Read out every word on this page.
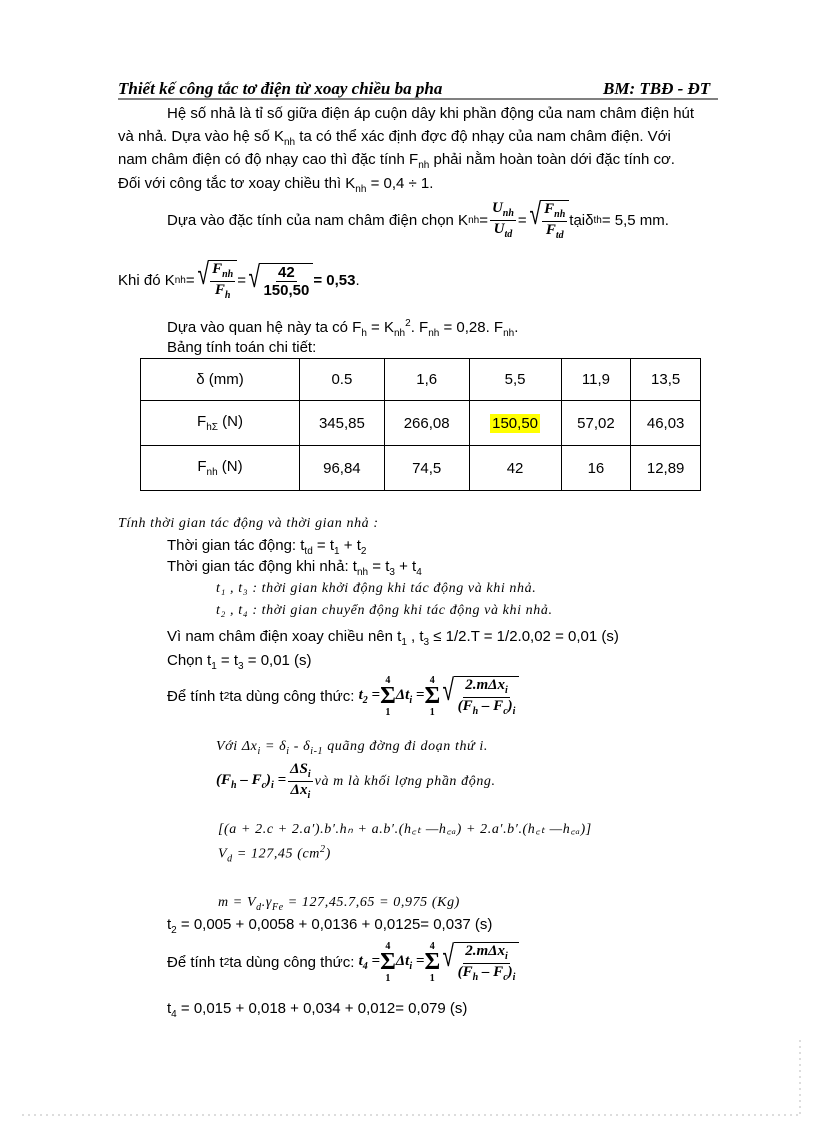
Thiết kế công tắc tơ điện từ xoay chiều ba pha	BM: TBĐ - ĐT
Hệ số nhả là tỉ số giữa điện áp cuộn dây khi phần động của nam châm điện hút
và nhả. Dựa vào hệ số $K_{nh}$ ta có thể xác định đợc độ nhạy của nam châm điện. Với
nam châm điện có độ nhạy cao thì đặc tính $F_{nh}$ phải nằm hoàn toàn dới đặc tính cơ.
Đối với công tắc tơ xoay chiều thì $K_{nh} = 0,4 \div 1$.
Dựa vào đặc tính của nam châm điện chọn K nh = $\frac{U_{nh}}{U_{td}}$ = √ $\frac{F_{nh}}{F_{td}}$ tại δ th = 5,5 mm.
Khi đó K nh = √ $\frac{F_{nh}}{F_h}$ = √ $\frac{42}{150,50} = 0,53$ .
Dựa vào quan hệ này ta có $F_h = K_{nh}^2$. $F_{nh} = 0,28$. $F_{nh}$.
Bảng tính toán chi tiết:
δ (mm)	0.5	1,6	5,5	11,9	13,5
$F_{h\Sigma}$ (N)	345,85	266,08	150,50	57,02	46,03
$F_{nh}$ (N)	96,84	74,5	42	16	12,89
Tính thời gian tác động và thời gian nhả :
Thời gian tác động: $t_{td} = t_1 + t_2$
Thời gian tác động khi nhả: $t_{nh} = t_3 + t_4$
t₁ , t₃ : thời gian khởi động khi tác động và khi nhả.
t₂ , t₄ : thời gian chuyển động khi tác động và khi nhả.
Vì nam châm điện xoay chiều nên $t_1$ , $t_3 \le 1/2.T = 1/2.0,02 = 0,01$ (s)
Chọn $t_1 = t_3 = 0,01$ (s)
Để tính t 2 ta dùng công thức:
$t_2$ =
4
Σ
1
$\Delta t_i$ =
4
Σ
1
√ $\frac{2.m\Delta x_i}{(F_h - F_c)_i}$
Với $\Delta x_i = \delta_i - \delta_{i-1}$ quãng đờng đi doạn thứ i.
$(F_h - F_c)_i = \frac{\Delta S_i}{\Delta x_i}$ và m là khối lợng phần động.
[(a + 2.c + 2.a′).b′.hₙ + a.b′.(h꜀ₜ —h꜀ₐ) + 2.a′.b′.(h꜀ₜ —h꜀ₐ)]
$V_d = 127,45$ $(cm^2)$
$m = V_d.\gamma_{Fe} = 127,45.7,65 = 0,975$ (Kg)
$t_2 = 0,005 + 0,0058 + 0,0136 + 0,0125= 0,037$ (s)
Để tính t 2 ta dùng công thức:
$t_4$ =
4
Σ
1
$\Delta t_i$ =
4
Σ
1
√ $\frac{2.m\Delta x_i}{(F_h - F_c)_i}$
$t_4 = 0,015 + 0,018 + 0,034 + 0,012= 0,079$ (s)
